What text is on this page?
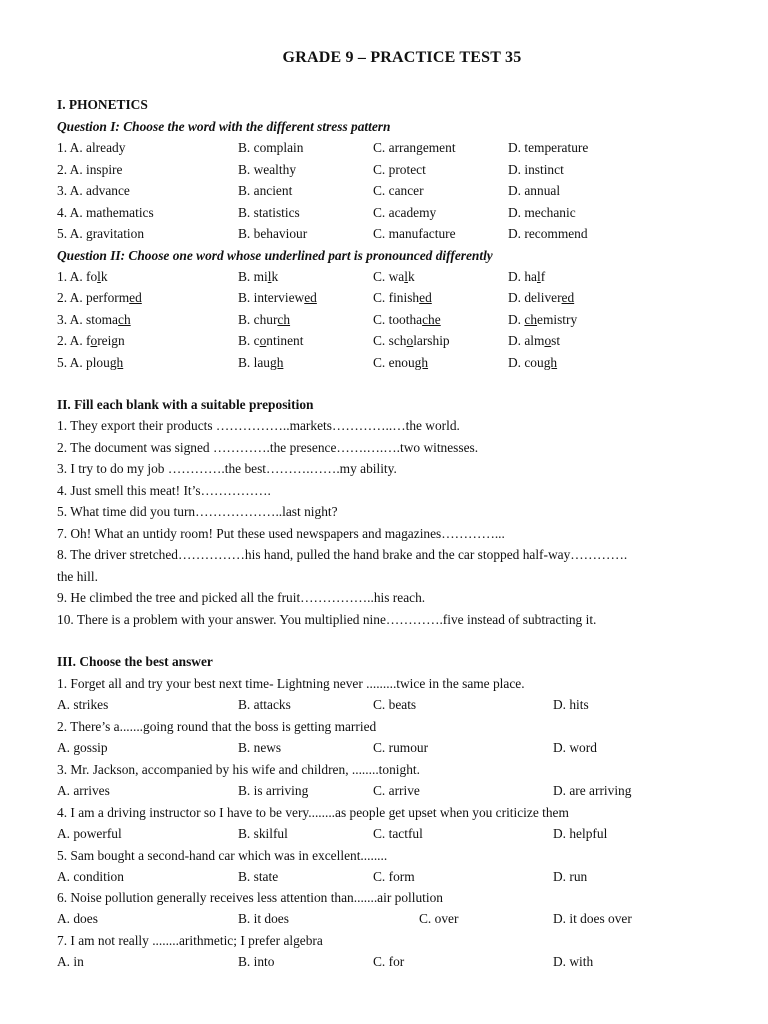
GRADE 9 – PRACTICE TEST 35
I. PHONETICS
Question I: Choose the word with the different stress pattern
1. A. already	B. complain	C. arrangement	D. temperature
2. A. inspire	B. wealthy	C. protect	D. instinct
3. A. advance	B. ancient	C. cancer	D. annual
4. A. mathematics	B. statistics	C. academy	D. mechanic
5. A. gravitation	B. behaviour	C. manufacture	D. recommend
Question II: Choose one word whose underlined part is pronounced differently
1. A. folk	B. milk	C. walk	D. half
2. A. performed	B. interviewed	C. finished	D. delivered
3. A. stomach	B. church	C. toothache	D. chemistry
2. A. foreign	B. continent	C. scholarship	D. almost
5. A. plough	B. laugh	C. enough	D. cough
II. Fill each blank with a suitable preposition
1. They export their products ……………..markets…………..…the world.
2. The document was signed ………….the presence…….….….two witnesses.
3. I try to do my job ………….the best……….…….my ability.
4. Just smell this meat! It’s…………….
5. What time did you turn………………..last night?
7. Oh! What an untidy room! Put these used newspapers and magazines…………...
8. The driver stretched……………his hand, pulled the hand brake and the car stopped half-way………….
the hill.
9. He climbed the tree and picked all the fruit……………..his reach.
10. There is a problem with your answer. You multiplied nine………….five instead of subtracting it.
III. Choose the best answer
1. Forget all and try your best next time- Lightning never .........twice in the same place.
A. strikes	B. attacks	C. beats	D. hits
2. There’s a.......going round that the boss is getting married
A. gossip	B. news	C. rumour	D. word
3. Mr. Jackson, accompanied by his wife and children, ........tonight.
A. arrives	B. is arriving	C. arrive	D. are arriving
4. I am a driving instructor so I have to be very........as people get upset when you criticize them
A. powerful	B. skilful	C. tactful	D. helpful
5. Sam bought a second-hand car which was in excellent........
A. condition	B. state	C. form	D. run
6. Noise pollution generally receives less attention than.......air pollution
A. does	B. it does	C. over	D. it does over
7. I am not really ........arithmetic; I prefer algebra
A. in	B. into	C. for	D. with
